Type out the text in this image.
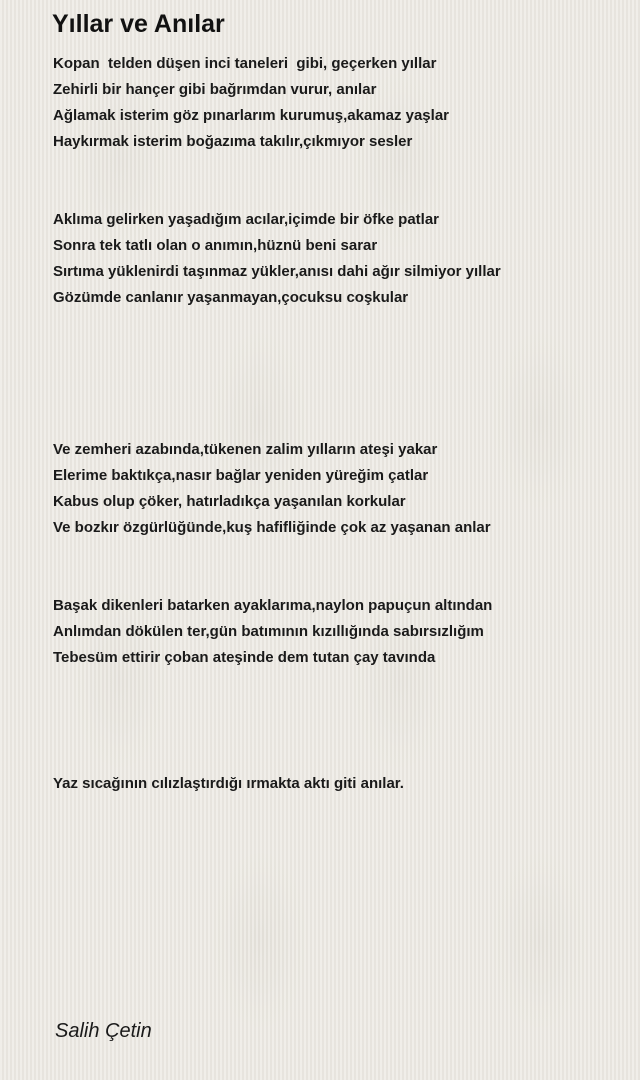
Yıllar ve Anılar

Kopan  telden düşen inci taneleri  gibi, geçerken yıllar

Zehirli bir hançer gibi bağrımdan vurur, anılar

Ağlamak isterim göz pınarlarım kurumuş,akamaz yaşlar

Haykırmak isterim boğazıma takılır,çıkmıyor sesler

Aklıma gelirken yaşadığım acılar,içimde bir öfke patlar

Sonra tek tatlı olan o anımın,hüznü beni sarar

Sırtıma yüklenirdi taşınmaz yükler,anısı dahi ağır silmiyor yıllar

Gözümde canlanır yaşanmayan,çocuksu coşkular

Ve zemheri azabında,tükenen zalim yılların ateşi yakar

Elerime baktıkça,nasır bağlar yeniden yüreğim çatlar

Kabus olup çöker, hatırladıkça yaşanılan korkular

Ve bozkır özgürlüğünde,kuş hafifliğinde çok az yaşanan anlar

Başak dikenleri batarken ayaklarıma,naylon papuçun altından

Anlımdan dökülen ter,gün batımının kızıllığında sabırsızlığım

Tebesüm ettirir çoban ateşinde dem tutan çay tavında

Yaz sıcağının cılızlaştırdığı ırmakta aktı giti anılar.

Salih Çetin
